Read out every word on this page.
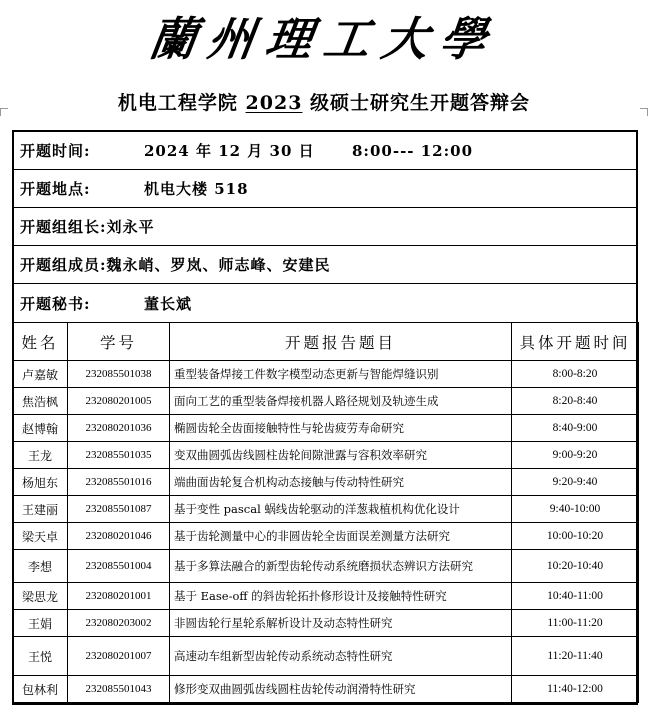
蘭州理工大學
机电工程学院 2023 级硕士研究生开题答辩会
开题时间:	2024 年 12 月 30 日	8:00--- 12:00
开题地点:	机电大楼 518
开题组组长: 刘永平
开题组成员: 魏永峭、罗岚、师志峰、安建民
开题秘书:	董长斌
姓名	学号	开题报告题目	具体开题时间
卢嘉敏	232085501038	重型装备焊接工件数字模型动态更新与智能焊缝识别	8:00-8:20
焦浩枫	232080201005	面向工艺的重型装备焊接机器人路径规划及轨迹生成	8:20-8:40
赵博翰	232080201036	椭圆齿轮全齿面接触特性与轮齿疲劳寿命研究	8:40-9:00
王龙	232085501035	变双曲圆弧齿线圆柱齿轮间隙泄露与容积效率研究	9:00-9:20
杨旭东	232085501016	端曲面齿轮复合机构动态接触与传动特性研究	9:20-9:40
王建丽	232085501087	基于变性 pascal 蜗线齿轮驱动的洋葱栽植机构优化设计	9:40-10:00
梁天卓	232080201046	基于齿轮测量中心的非圆齿轮全齿面误差测量方法研究	10:00-10:20
李想	232085501004	基于多算法融合的新型齿轮传动系统磨损状态辨识方法研究	10:20-10:40
梁思龙	232080201001	基于 Ease-off 的斜齿轮拓扑修形设计及接触特性研究	10:40-11:00
王娟	232080203002	非圆齿轮行星轮系解析设计及动态特性研究	11:00-11:20
王悦	232080201007	高速动车组新型齿轮传动系统动态特性研究	11:20-11:40
包林利	232085501043	修形变双曲圆弧齿线圆柱齿轮传动润滑特性研究	11:40-12:00
